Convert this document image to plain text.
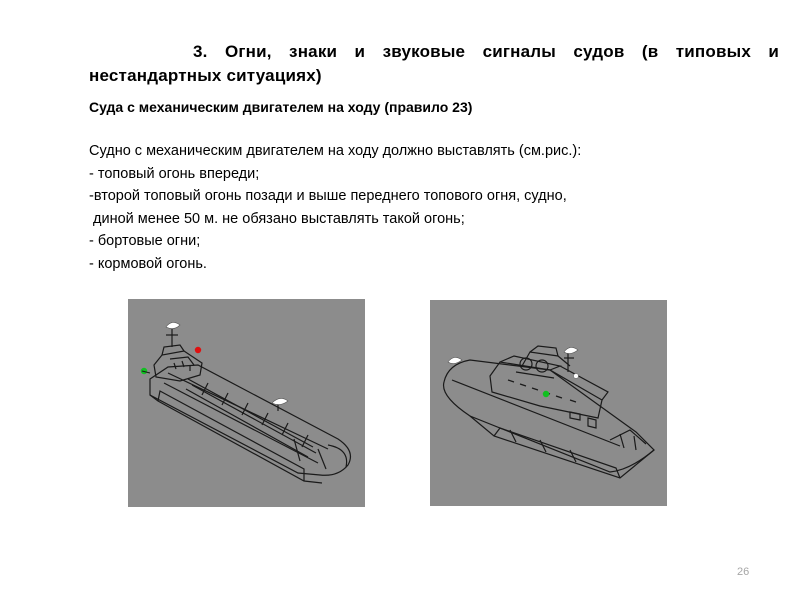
3. Огни, знаки и звуковые сигналы судов (в типовых и
нестандартных ситуациях)
Суда с механическим двигателем на ходу (правило 23)
Судно с механическим двигателем на ходу должно выставлять (см.рис.):
- топовый огонь впереди;
-второй топовый огонь позади и выше переднего топового огня, судно,
диной менее 50 м. не обязано выставлять такой огонь;
- бортовые огни;
- кормовой огонь.
26
